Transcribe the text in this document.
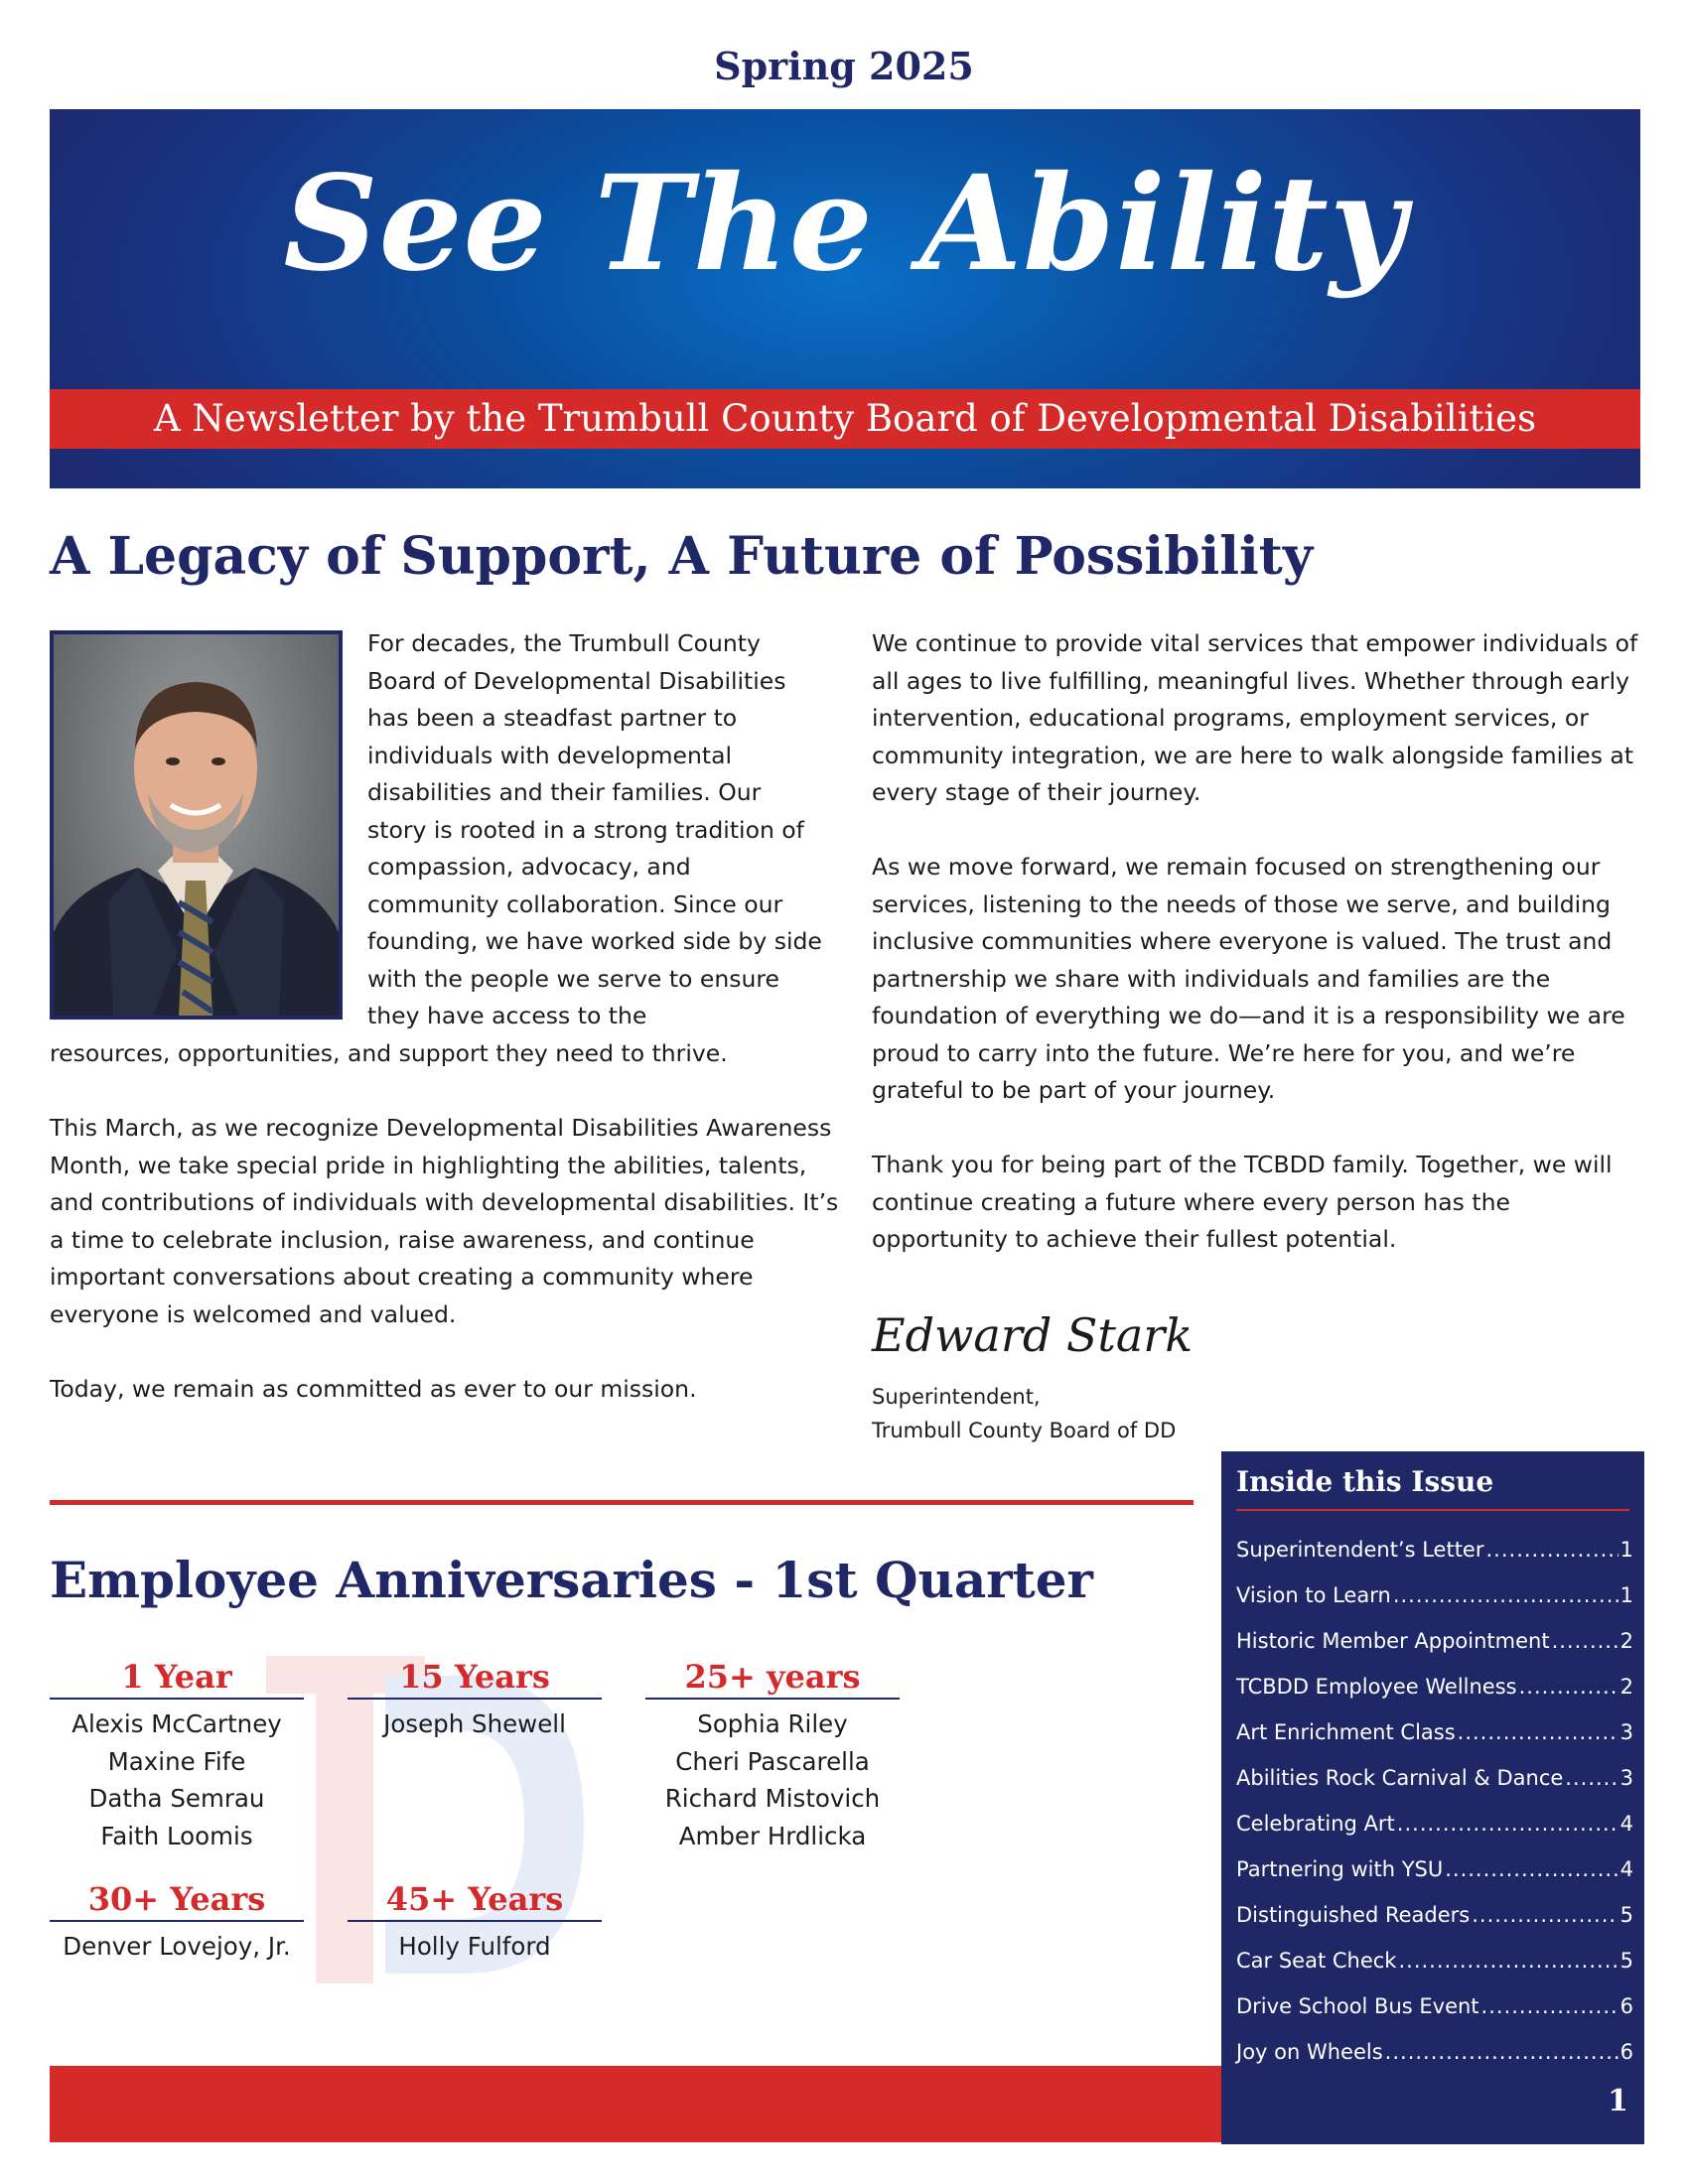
Spring 2025
See The Ability
A Newsletter by the Trumbull County Board of Developmental Disabilities
A Legacy of Support, A Future of Possibility

For decades, the Trumbull County Board of Developmental Disabilities has been a steadfast partner to individuals with developmental disabilities and their families. Our story is rooted in a strong tradition of compassion, advocacy, and community collaboration. Since our founding, we have worked side by side with the people we serve to ensure they have access to the

resources, opportunities, and support they need to thrive.

This March, as we recognize Developmental Disabilities Awareness Month, we take special pride in highlighting the abilities, talents, and contributions of individuals with developmental disabilities. It’s a time to celebrate inclusion, raise awareness, and continue important conversations about creating a community where everyone is welcomed and valued.

Today, we remain as committed as ever to our mission.

We continue to provide vital services that empower individuals of all ages to live fulfilling, meaningful lives. Whether through early intervention, educational programs, employment services, or community integration, we are here to walk alongside families at every stage of their journey.

As we move forward, we remain focused on strengthening our services, listening to the needs of those we serve, and building inclusive communities where everyone is valued. The trust and partnership we share with individuals and families are the foundation of everything we do—and it is a responsibility we are proud to carry into the future. We’re here for you, and we’re grateful to be part of your journey.

Thank you for being part of the TCBDD family. Together, we will continue creating a future where every person has the opportunity to achieve their fullest potential.

Edward Stark
Superintendent,
Trumbull County Board of DD
Employee Anniversaries - 1st Quarter
1 Year
Alexis McCartney
Maxine Fife
Datha Semrau
Faith Loomis
15 Years
Joseph Shewell
25+ years
Sophia Riley
Cheri Pascarella
Richard Mistovich
Amber Hrdlicka
30+ Years
Denver Lovejoy, Jr.
45+ Years
Holly Fulford
Inside this Issue
Superintendent’s Letter .....	1
Vision to Learn .....	1
Historic Member Appointment .....	2
TCBDD Employee Wellness .....	2
Art Enrichment Class .....	3
Abilities Rock Carnival & Dance .....	3
Celebrating Art .....	4
Partnering with YSU .....	4
Distinguished Readers .....	5
Car Seat Check .....	5
Drive School Bus Event .....	6
Joy on Wheels .....	6
1
